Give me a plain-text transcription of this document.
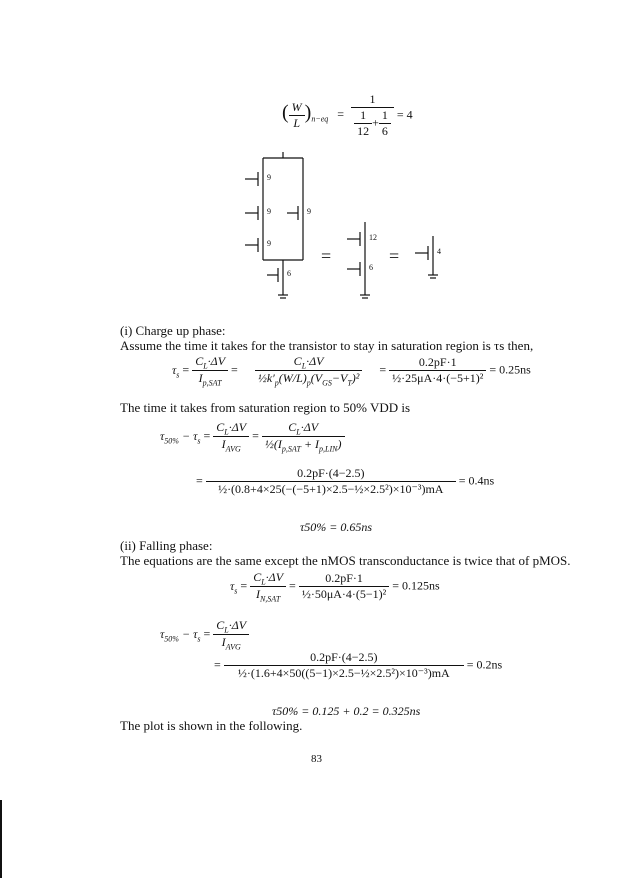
( $\frac{W}{L} )_{n-eq} = \frac{1}{\frac{1}{12} + \frac{1}{6}} = 4$
9
9
9
9
6
12
6
4
=	=
(i) Charge up phase:
Assume the time it takes for the transistor to stay in saturation region is τs then,
$\tau_s = \frac{C_L\cdot\Delta V}{I_{p,SAT}} = \frac{C_L\cdot\Delta V}{\frac{1}{2}k'_p(W/L)_p(V_{GS}-V_T)^2} = \frac{0.2pF\cdot 1}{\text{½·25μA·4·(−5+1)²}} = 0.25ns$
The time it takes from saturation region to 50% VDD is
$\tau_{50\%} - \tau_s = \frac{C_L\cdot\Delta V}{I_{AVG}} = \frac{C_L\cdot\Delta V}{\frac{1}{2}(I_{p,SAT} + I_{p,LIN})}$
= $\frac{0.2pF\cdot(4-2.5)}{\text{½·(0.8+4×25(−(−5+1)×2.5−½×2.5²)×10⁻³)mA}} = 0.4ns$
τ50% = 0.65ns
(ii) Falling phase:
The equations are the same except the nMOS transconductance is twice that of pMOS.
$\tau_s = \frac{C_L\cdot\Delta V}{I_{N,SAT}} = \frac{0.2pF\cdot 1}{\text{½·50μA·4·(5−1)²}} = 0.125ns$
$\tau_{50\%} - \tau_s = \frac{C_L\cdot\Delta V}{I_{AVG}}$
= $\frac{0.2pF\cdot(4-2.5)}{\text{½·(1.6+4×50((5−1)×2.5−½×2.5²)×10⁻³)mA}} = 0.2ns$
τ50% = 0.125 + 0.2 = 0.325ns
The plot is shown in the following.
83
